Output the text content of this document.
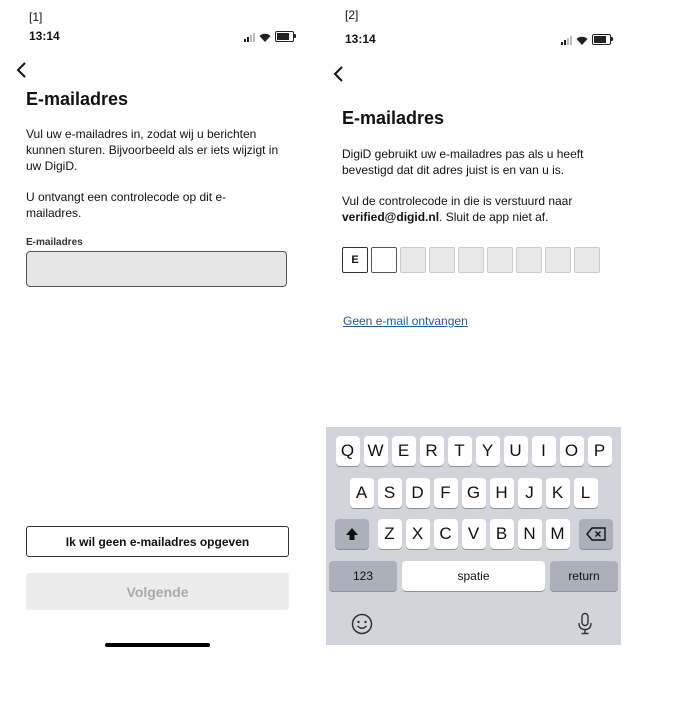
[1]
13:14
E-mailadres

Vul uw e-mailadres in, zodat wij u berichten kunnen sturen. Bijvoorbeeld als er iets wijzigt in uw DigiD.

U ontvangt een controlecode op dit e-mailadres.

E-mailadres
Ik wil geen e-mailadres opgeven
Volgende
[2]
13:14
E-mailadres

DigiD gebruikt uw e-mailadres pas als u heeft bevestigd dat dit adres juist is en van u is.

Vul de controlecode in die is verstuurd naar verified@digid.nl. Sluit de app niet af.

E
Geen e-mail ontvangen
Q W E R T	Y U	I	O P
A S D F G H	J	K	L
Z	X C V B N M
123	spatie	return
